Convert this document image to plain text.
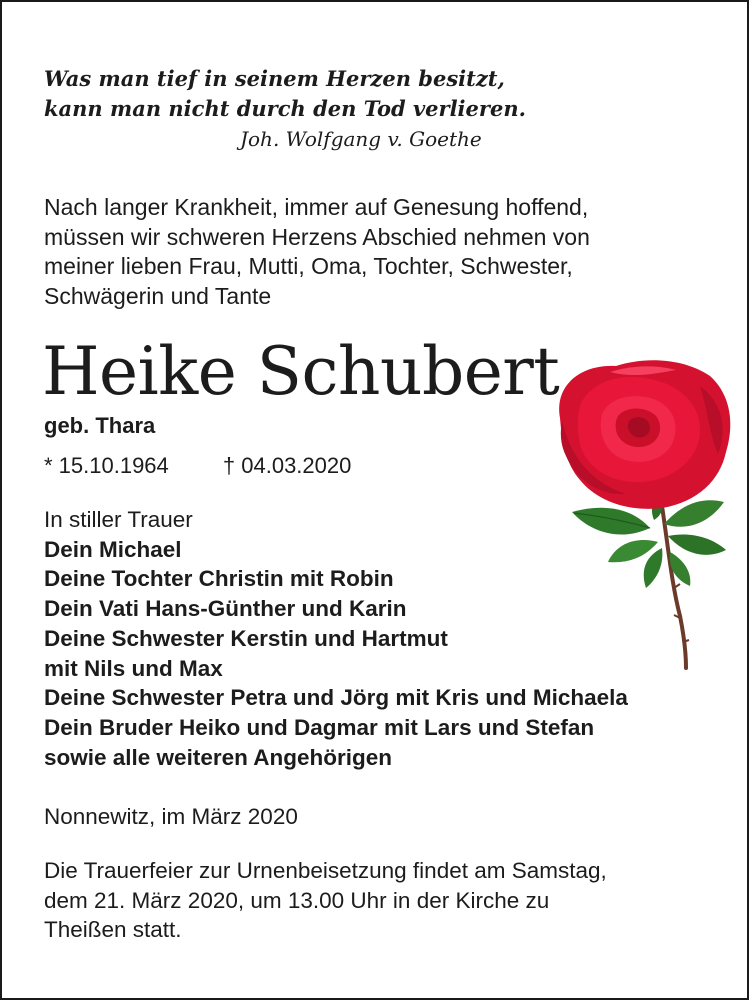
Was man tief in seinem Herzen besitzt,
kann man nicht durch den Tod verlieren.
Joh. Wolfgang v. Goethe

Nach langer Krankheit, immer auf Genesung hoffend,
müssen wir schweren Herzens Abschied nehmen von
meiner lieben Frau, Mutti, Oma, Tochter, Schwester,
Schwägerin und Tante

Heike Schubert
geb. Thara
* 15.10.1964 † 04.03.2020

In stiller Trauer
Dein Michael
Deine Tochter Christin mit Robin
Dein Vati Hans-Günther und Karin
Deine Schwester Kerstin und Hartmut
mit Nils und Max
Deine Schwester Petra und Jörg mit Kris und Michaela
Dein Bruder Heiko und Dagmar mit Lars und Stefan
sowie alle weiteren Angehörigen

Nonnewitz, im März 2020

Die Trauerfeier zur Urnenbeisetzung findet am Samstag,
dem 21. März 2020, um 13.00 Uhr in der Kirche zu
Theißen statt.
